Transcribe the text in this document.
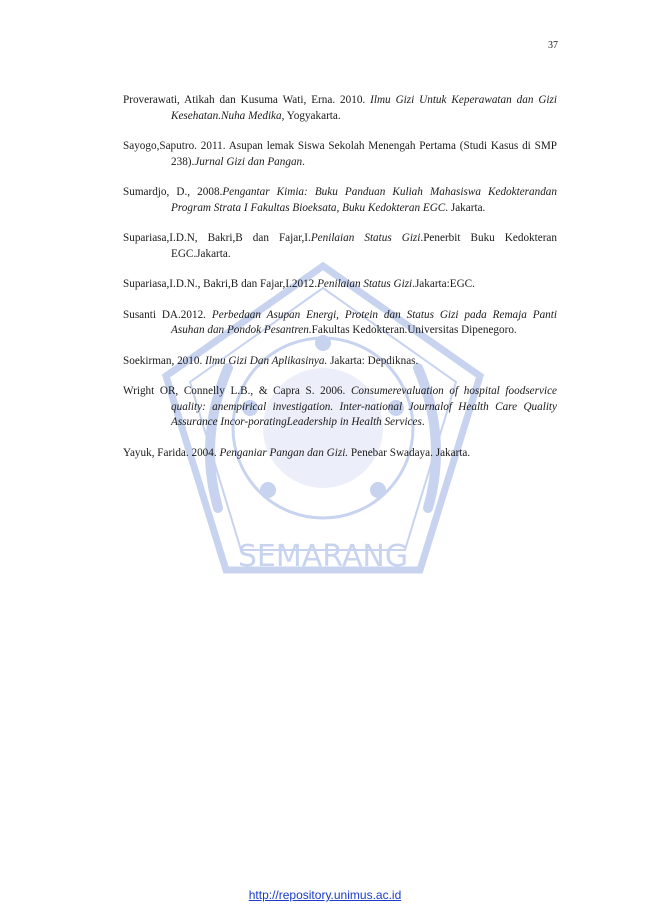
37
SEMARANG

Proverawati, Atikah dan Kusuma Wati, Erna. 2010. Ilmu Gizi Untuk Keperawatan dan Gizi Kesehatan.Nuha Medika, Yogyakarta.

Sayogo,Saputro. 2011. Asupan lemak Siswa Sekolah Menengah Pertama (Studi Kasus di SMP 238).Jurnal Gizi dan Pangan.

Sumardjo, D., 2008.Pengantar Kimia: Buku Panduan Kuliah Mahasiswa Kedokterandan Program Strata I Fakultas Bioeksata, Buku Kedokteran EGC. Jakarta.

Supariasa,I.D.N, Bakri,B dan Fajar,I.Penilaian Status Gizi.Penerbit Buku Kedokteran EGC.Jakarta.

Supariasa,I.D.N., Bakri,B dan Fajar,I.2012.Penilaian Status Gizi.Jakarta:EGC.

Susanti DA.2012. Perbedaan Asupan Energi, Protein dan Status Gizi pada Remaja Panti Asuhan dan Pondok Pesantren.Fakultas Kedokteran.Universitas Dipenegoro.

Soekirman, 2010. Ilmu Gizi Dan Aplikasinya. Jakarta: Depdiknas.

Wright OR, Connelly L.B., & Capra S. 2006. Consumerevaluation of hospital foodservice quality: anempirical investigation. Inter-national Journalof Health Care Quality Assurance Incor-poratingLeadership in Health Services.

Yayuk, Farida. 2004. Penganiar Pangan dan Gizi. Penebar Swadaya. Jakarta.

http://repository.unimus.ac.id
